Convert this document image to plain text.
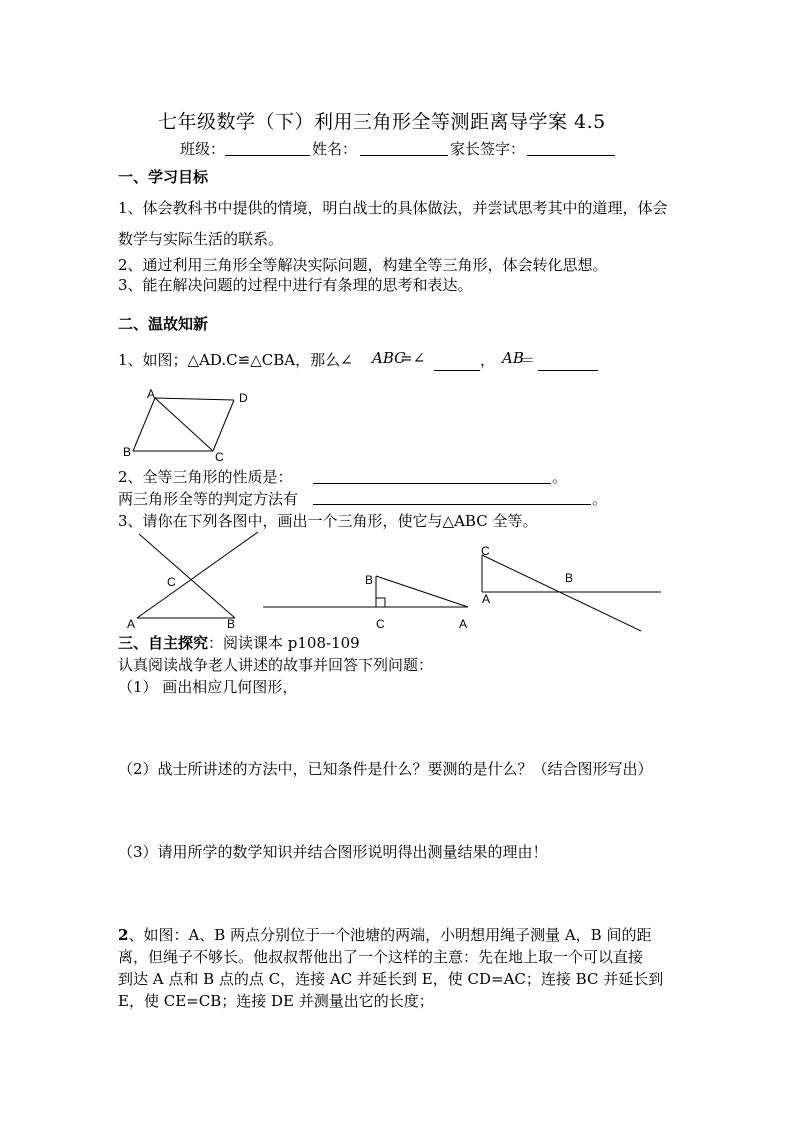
七年级数学（下）利用三角形全等测距离导学案 4.5
班级：	姓名：	家长签字：
一、学习目标
1、体会教科书中提供的情境，明白战士的具体做法，并尝试思考其中的道理，体会
数学与实际生活的联系。
2、通过利用三角形全等解决实际问题，构建全等三角形，体会转化思想。
3、能在解决问题的过程中进行有条理的思考和表达。
二、温故知新
1、如图；△AD.C≌△CBA，那么∠ ABC
=∠	， AB
＝
2、全等三角形的性质是：	。
两三角形全等的判定方法有	。
3、请你在下列各图中，画出一个三角形，使它与△ABC 全等。
A	D
B	C
C
A	B
B
C	A
C
B
A
三、自主探究：阅读课本 p108-109
认真阅读战争老人讲述的故事并回答下列问题：
（1） 画出相应几何图形，
（2）战士所讲述的方法中，已知条件是什么？要测的是什么？（结合图形写出）
（3）请用所学的数学知识并结合图形说明得出测量结果的理由！
2、如图：A、B 两点分别位于一个池塘的两端，小明想用绳子测量 A，B 间的距
离，但绳子不够长。他叔叔帮他出了一个这样的主意：先在地上取一个可以直接
到达 A 点和 B 点的点 C，连接 AC 并延长到 E，使 CD=AC；连接 BC 并延长到
E，使 CE=CB；连接 DE 并测量出它的长度；
